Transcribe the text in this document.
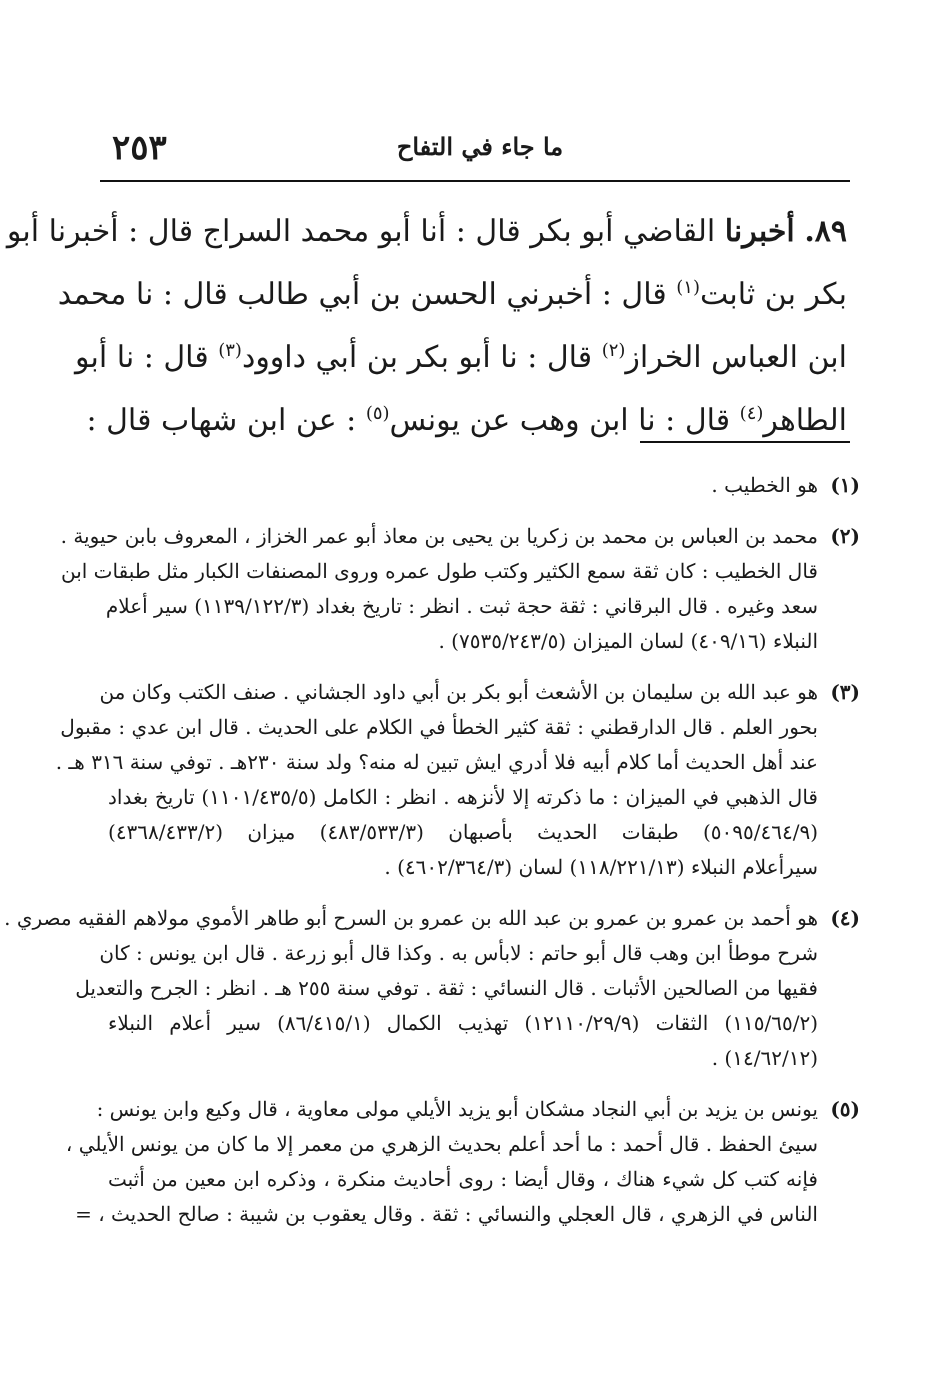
٢٥٣	ما جاء في التفاح
٨٩. أخبرنا القاضي أبو بكر قال : أنا أبو محمد السراج قال : أخبرنا أبو
بكر بن ثابت$^{(١)}$ قال : أخبرني الحسن بن أبي طالب قال : نا محمد
ابن العباس الخراز$^{(٢)}$ قال : نا أبو بكر بن أبي داوود$^{(٣)}$ قال : نا أبو
الطاهر$^{(٤)}$ قال : نا ابن وهب عن يونس$^{(٥)}$ : عن ابن شهاب قال :
(١)
هو الخطيب .
(٢)
محمد بن العباس بن محمد بن زكريا بن يحيى بن معاذ أبو عمر الخزاز ، المعروف بابن حيوية .
قال الخطيب : كان ثقة سمع الكثير وكتب طول عمره وروى المصنفات الكبار مثل طبقات ابن
سعد وغيره . قال البرقاني : ثقة حجة ثبت . انظر : تاريخ بغداد (١١٣٩/١٢٢/٣) سير أعلام
النبلاء (٤٠٩/١٦) لسان الميزان (٧٥٣٥/٢٤٣/٥) .
(٣)
هو عبد الله بن سليمان بن الأشعث أبو بكر بن أبي داود الجشاني . صنف الكتب وكان من
بحور العلم . قال الدارقطني : ثقة كثير الخطأ في الكلام على الحديث . قال ابن عدي : مقبول
عند أهل الحديث أما كلام أبيه فلا أدري ايش تبين له منه؟ ولد سنة ٢٣٠هـ . توفي سنة ٣١٦ هـ .
قال الذهبي في الميزان : ما ذكرته إلا لأنزهه . انظر : الكامل (١١٠١/٤٣٥/٥) تاريخ بغداد
(٥٠٩٥/٤٦٤/٩) طبقات الحديث بأصبهان (٤٨٣/٥٣٣/٣) ميزان (٤٣٦٨/٤٣٣/٢)
سيرأعلام النبلاء (١١٨/٢٢١/١٣) لسان (٤٦٠٢/٣٦٤/٣) .
(٤)
هو أحمد بن عمرو بن عمرو بن عبد الله بن عمرو بن السرح أبو طاهر الأموي مولاهم الفقيه مصري .
شرح موطأ ابن وهب قال أبو حاتم : لابأس به . وكذا قال أبو زرعة . قال ابن يونس : كان
فقيها من الصالحين الأثبات . قال النسائي : ثقة . توفي سنة ٢٥٥ هـ . انظر : الجرح والتعديل
(١١٥/٦٥/٢) الثقات (١٢١١٠/٢٩/٩) تهذيب الكمال (٨٦/٤١٥/١) سير أعلام النبلاء
(١٤/٦٢/١٢) .
(٥)
يونس بن يزيد بن أبي النجاد مشكان أبو يزيد الأيلي مولى معاوية ، قال وكيع وابن يونس :
سيئ الحفظ . قال أحمد : ما أحد أعلم بحديث الزهري من معمر إلا ما كان من يونس الأيلي ،
فإنه كتب كل شيء هناك ، وقال أيضا : روى أحاديث منكرة ، وذكره ابن معين من أثبت
الناس في الزهري ، قال العجلي والنسائي : ثقة . وقال يعقوب بن شيبة : صالح الحديث ، =
